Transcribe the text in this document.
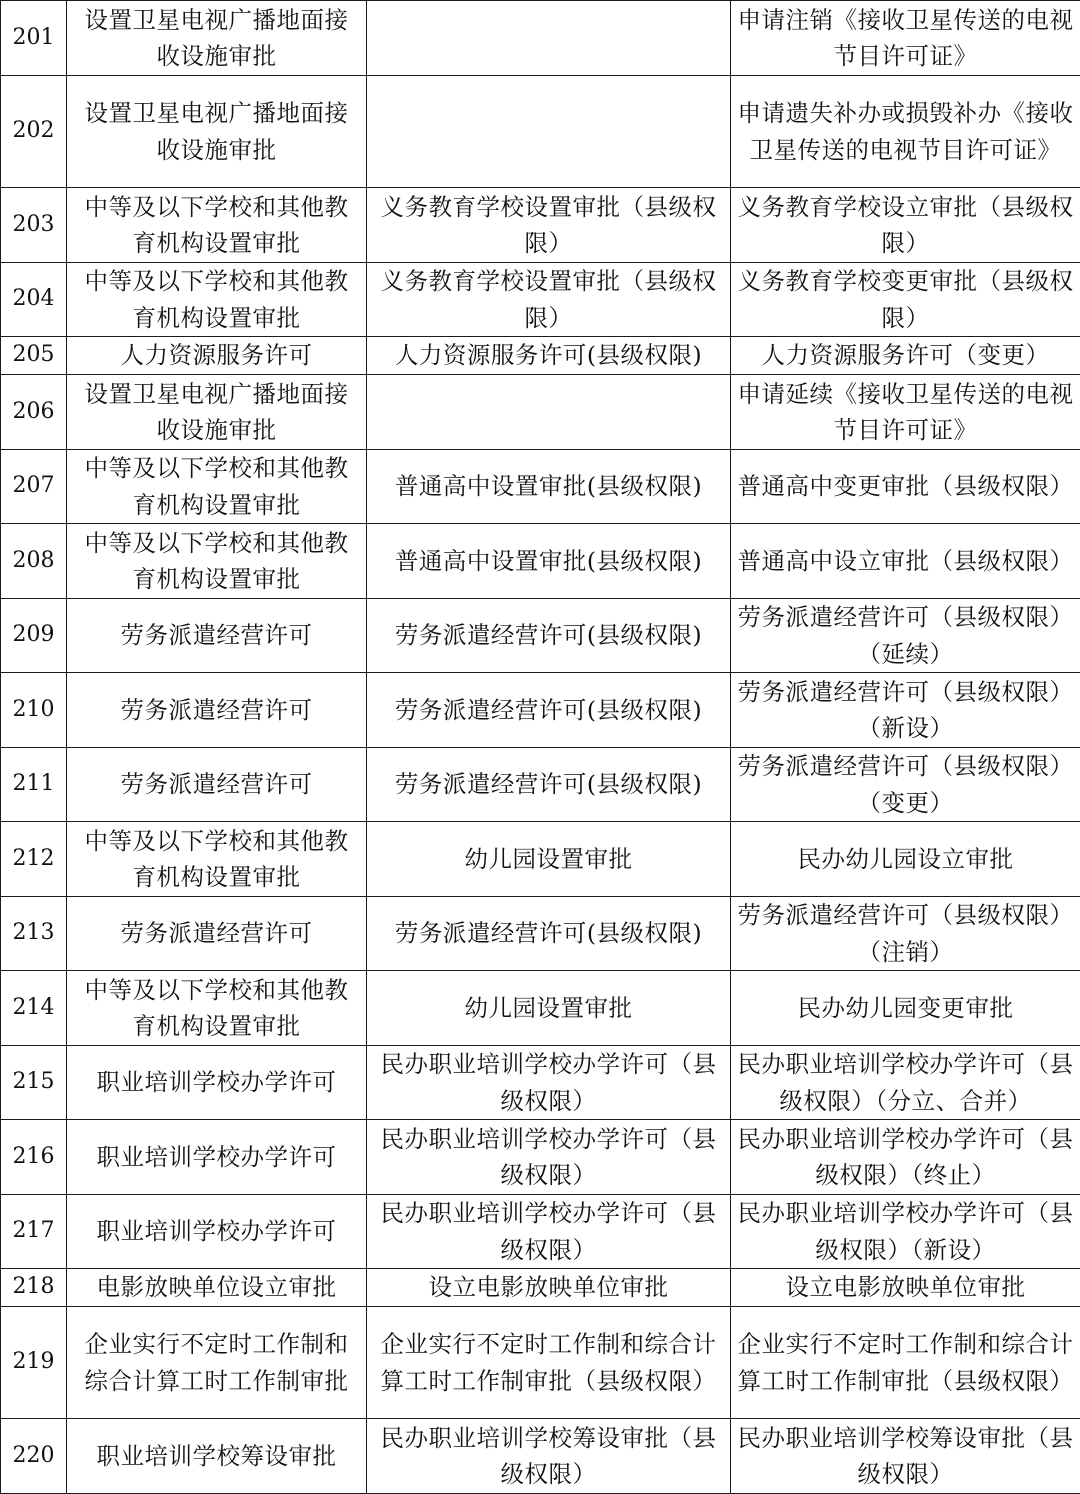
201	设置卫星电视广播地面接收设施审批		申请注销《接收卫星传送的电视节目许可证》
202	设置卫星电视广播地面接收设施审批		申请遗失补办或损毁补办《接收卫星传送的电视节目许可证》
203	中等及以下学校和其他教育机构设置审批	义务教育学校设置审批（县级权限）	义务教育学校设立审批（县级权限）
204	中等及以下学校和其他教育机构设置审批	义务教育学校设置审批（县级权限）	义务教育学校变更审批（县级权限）
205	人力资源服务许可	人力资源服务许可(县级权限)	人力资源服务许可（变更）
206	设置卫星电视广播地面接收设施审批		申请延续《接收卫星传送的电视节目许可证》
207	中等及以下学校和其他教育机构设置审批	普通高中设置审批(县级权限)	普通高中变更审批（县级权限）
208	中等及以下学校和其他教育机构设置审批	普通高中设置审批(县级权限)	普通高中设立审批（县级权限）
209	劳务派遣经营许可	劳务派遣经营许可(县级权限)	劳务派遣经营许可（县级权限）（延续）
210	劳务派遣经营许可	劳务派遣经营许可(县级权限)	劳务派遣经营许可（县级权限）（新设）
211	劳务派遣经营许可	劳务派遣经营许可(县级权限)	劳务派遣经营许可（县级权限）（变更）
212	中等及以下学校和其他教育机构设置审批	幼儿园设置审批	民办幼儿园设立审批
213	劳务派遣经营许可	劳务派遣经营许可(县级权限)	劳务派遣经营许可（县级权限）（注销）
214	中等及以下学校和其他教育机构设置审批	幼儿园设置审批	民办幼儿园变更审批
215	职业培训学校办学许可	民办职业培训学校办学许可（县级权限）	民办职业培训学校办学许可（县级权限）（分立、合并）
216	职业培训学校办学许可	民办职业培训学校办学许可（县级权限）	民办职业培训学校办学许可（县级权限）（终止）
217	职业培训学校办学许可	民办职业培训学校办学许可（县级权限）	民办职业培训学校办学许可（县级权限）（新设）
218	电影放映单位设立审批	设立电影放映单位审批	设立电影放映单位审批
219	企业实行不定时工作制和综合计算工时工作制审批	企业实行不定时工作制和综合计算工时工作制审批（县级权限）	企业实行不定时工作制和综合计算工时工作制审批（县级权限）
220	职业培训学校筹设审批	民办职业培训学校筹设审批（县级权限）	民办职业培训学校筹设审批（县级权限）
